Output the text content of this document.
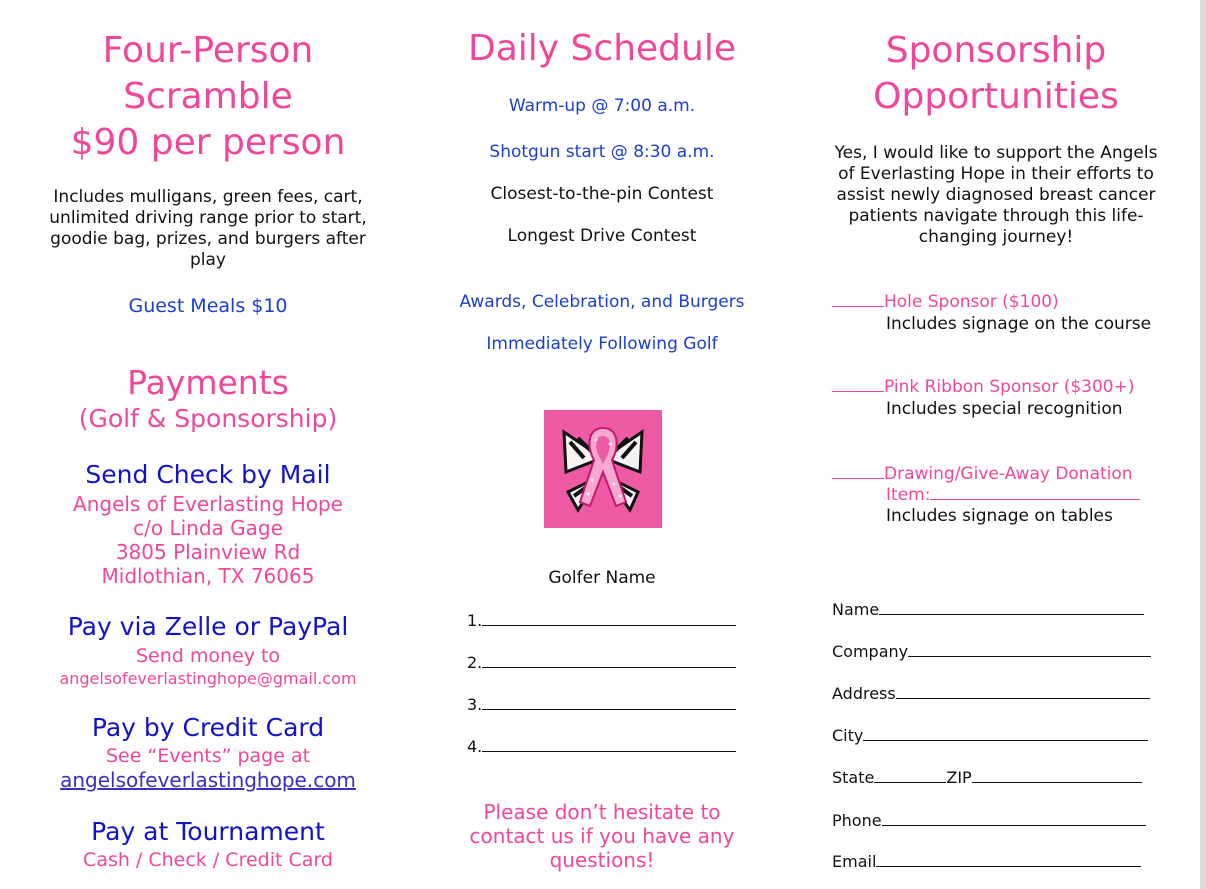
Four-Person
Scramble
$90 per person
Includes mulligans, green fees, cart,
unlimited driving range prior to start,
goodie bag, prizes, and burgers after
play
Guest Meals $10
Payments
(Golf & Sponsorship)
Send Check by Mail
Angels of Everlasting Hope
c/o Linda Gage
3805 Plainview Rd
Midlothian, TX 76065
Pay via Zelle or PayPal
Send money to
angelsofeverlastinghope@gmail.com
Pay by Credit Card
See “Events” page at
angelsofeverlastinghope.com
Pay at Tournament
Cash / Check / Credit Card
Daily Schedule
Warm-up @ 7:00 a.m.
Shotgun start @ 8:30 a.m.
Closest-to-the-pin Contest
Longest Drive Contest
Awards, Celebration, and Burgers
Immediately Following Golf
Golfer Name
1.
2.
3.
4.
Please don’t hesitate to
contact us if you have any
questions!
Sponsorship
Opportunities
Yes, I would like to support the Angels
of Everlasting Hope in their efforts to
assist newly diagnosed breast cancer
patients navigate through this life-
changing journey!
Hole Sponsor ($100)
Includes signage on the course
Pink Ribbon Sponsor ($300+)
Includes special recognition
Drawing/Give-Away Donation
Item:
Includes signage on tables
Name
Company
Address
City
State	ZIP
Phone
Email
